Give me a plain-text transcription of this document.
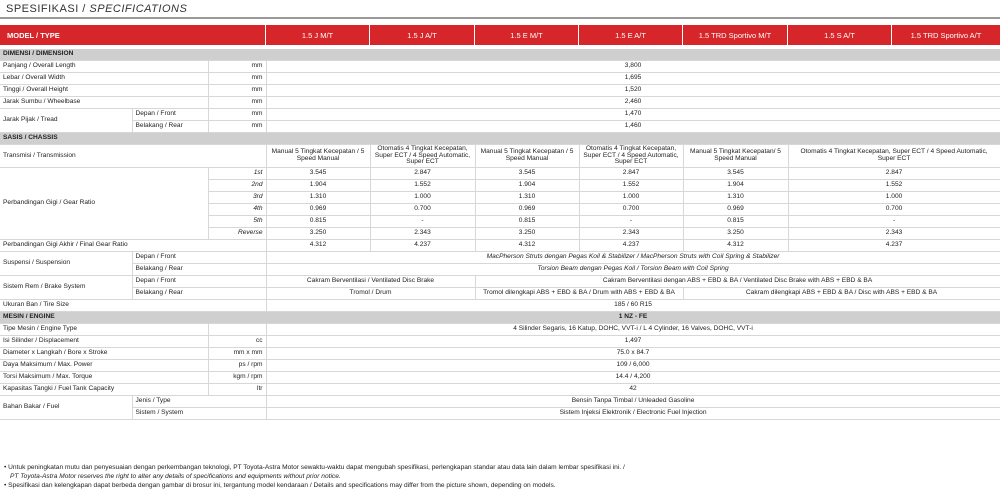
SPESIFIKASI / SPECIFICATIONS
MODEL / TYPE	1.5 J M/T	1.5 J A/T	1.5 E M/T	1.5 E A/T	1.5 TRD Sportivo M/T	1.5 S A/T	1.5 TRD Sportivo A/T
DIMENSI / DIMENSION								
Panjang / Overall Length		mm	3,800					
Lebar / Overall Width		mm	1,695					
Tinggi / Overall Height		mm	1,520					
Jarak Sumbu / Wheelbase		mm	2,460					
Jarak Pijak / Tread	Depan / Front	mm	1,470					
	Belakang / Rear	mm	1,460					
SASIS / CHASSIS								
Transmisi / Transmission			Manual 5 Tingkat Kecepatan / 5 Speed Manual	Otomatis 4 Tingkat Kecepatan, Super ECT / 4 Speed Automatic, Super ECT	Manual 5 Tingkat Kecepatan / 5 Speed Manual	Otomatis 4 Tingkat Kecepatan, Super ECT / 4 Speed Automatic, Super ECT	Manual 5 Tingkat Kecepatan/ 5 Speed Manual	Otomatis 4 Tingkat Kecepatan, Super ECT / 4 Speed Automatic, Super ECT
Perbandingan Gigi / Gear Ratio		1st	3.545	2.847	3.545	2.847	3.545	2.847
		2nd	1.904	1.552	1.904	1.552	1.904	1.552
		3rd	1.310	1.000	1.310	1.000	1.310	1.000
		4th	0.969	0.700	0.969	0.700	0.969	0.700
		5th	0.815	-	0.815	-	0.815	-
		Reverse	3.250	2.343	3.250	2.343	3.250	2.343
Perbandingan Gigi Akhir / Final Gear Ratio			4.312	4.237	4.312	4.237	4.312	4.237
Suspensi / Suspension	Depan / Front		MacPherson Struts dengan Pegas Koil & Stabilizer / MacPherson Struts with Coil Spring & Stabilizer					
	Belakang / Rear		Torsion Beam dengan Pegas Koil / Torsion Beam with Coil Spring					
Sistem Rem / Brake System	Depan / Front		Cakram Berventilasi / Ventilated Disc Brake		Cakram Berventilasi dengan ABS + EBD & BA / Ventilated Disc Brake with ABS + EBD & BA			
	Belakang / Rear		Tromol / Drum		Tromol dilengkapi ABS + EBD & BA / Drum with ABS + EBD & BA		Cakram dilengkapi ABS + EBD & BA / Disc with ABS + EBD & BA	
Ukuran Ban / Tire Size			185 / 60 R15					
MESIN / ENGINE			1 NZ - FE					
Tipe Mesin / Engine Type			4 Silinder Segaris, 16 Katup, DOHC, VVT-i / L 4 Cylinder, 16 Valves, DOHC, VVT-i					
Isi Silinder / Displacement		cc	1,497					
Diameter x Langkah / Bore x Stroke		mm x mm	75.0 x 84.7					
Daya Maksimum / Max. Power		ps / rpm	109 / 6,000					
Torsi Maksimum / Max. Torque		kgm / rpm	14.4 / 4,200					
Kapasitas Tangki / Fuel Tank Capacity		ltr	42					
Bahan Bakar / Fuel	Jenis / Type		Bensin Tanpa Timbal / Unleaded Gasoline					
	Sistem / System		Sistem Injeksi Elektronik / Electronic Fuel Injection					
• Untuk peningkatan mutu dan penyesuaian dengan perkembangan teknologi, PT Toyota-Astra Motor sewaktu-waktu dapat mengubah spesifikasi, perlengkapan standar atau data lain dalam lembar spesifikasi ini. /
PT Toyota-Astra Motor reserves the right to alter any details of specifications and equipments without prior notice.
• Spesifikasi dan kelengkapan dapat berbeda dengan gambar di brosur ini, tergantung model kendaraan / Details and specifications may differ from the picture shown, depending on models.
